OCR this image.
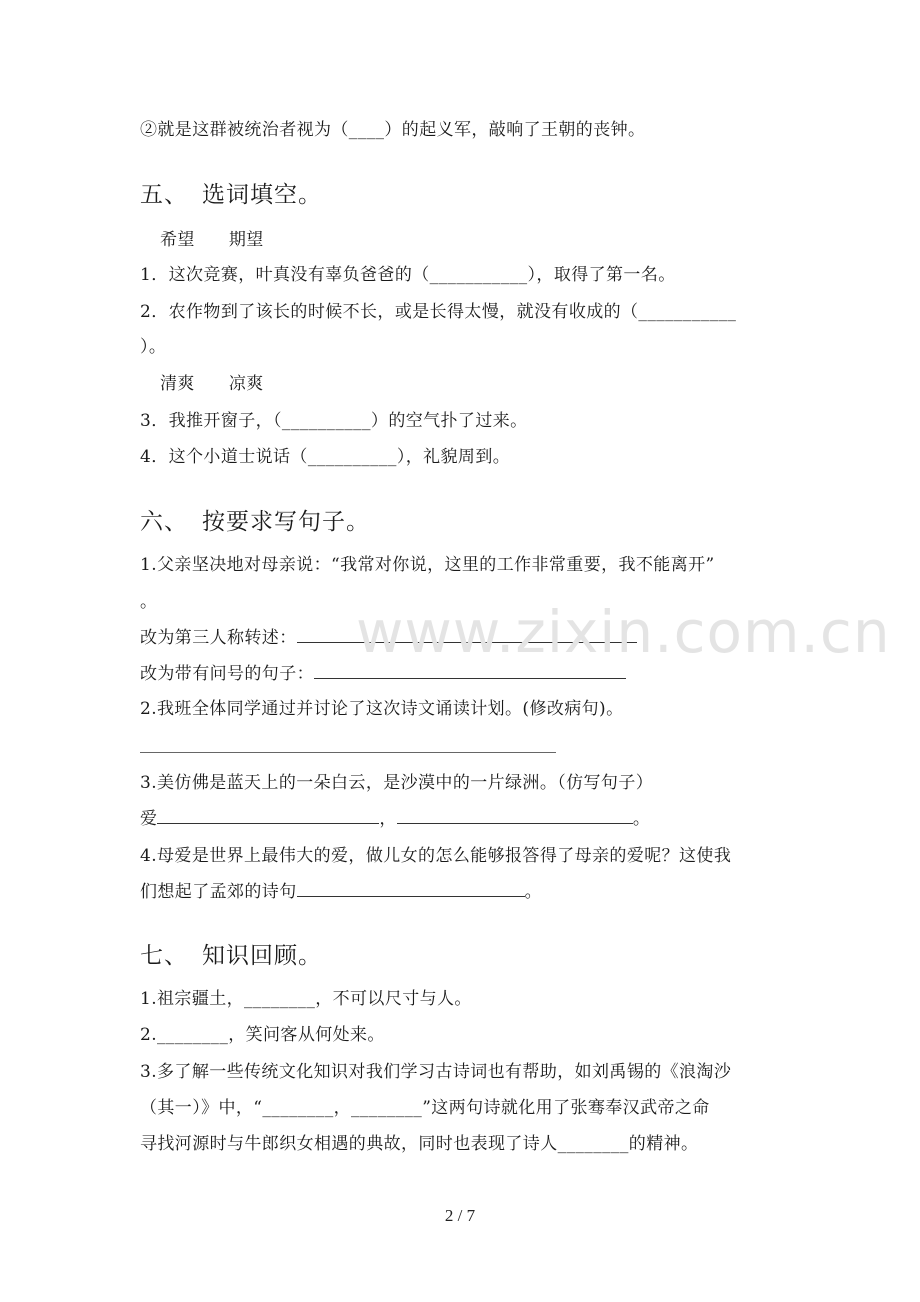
②就是这群被统治者视为（____）的起义军，敲响了王朝的丧钟。
五、 选词填空。
希望 期望
1．这次竞赛，叶真没有辜负爸爸的（___________），取得了第一名。
2．农作物到了该长的时候不长，或是长得太慢，就没有收成的（___________
）。
清爽 凉爽
3．我推开窗子，（__________）的空气扑了过来。
4．这个小道士说话（__________），礼貌周到。
六、 按要求写句子。
1.父亲坚决地对母亲说：“我常对你说，这里的工作非常重要，我不能离开”
。
改为第三人称转述：
改为带有问号的句子：
2.我班全体同学通过并讨论了这次诗文诵读计划。(修改病句)。
3.美仿佛是蓝天上的一朵白云，是沙漠中的一片绿洲。（仿写句子）
爱	，	。
4.母爱是世界上最伟大的爱，做儿女的怎么能够报答得了母亲的爱呢？这使我
们想起了孟郊的诗句	。
七、 知识回顾。
1.祖宗疆土，________，不可以尺寸与人。
2.________，笑问客从何处来。
3.多了解一些传统文化知识对我们学习古诗词也有帮助，如刘禹锡的《浪淘沙
（其一）》中，“________，________”这两句诗就化用了张骞奉汉武帝之命
寻找河源时与牛郎织女相遇的典故，同时也表现了诗人________的精神。
www.zixin.com.cn
2 / 7
